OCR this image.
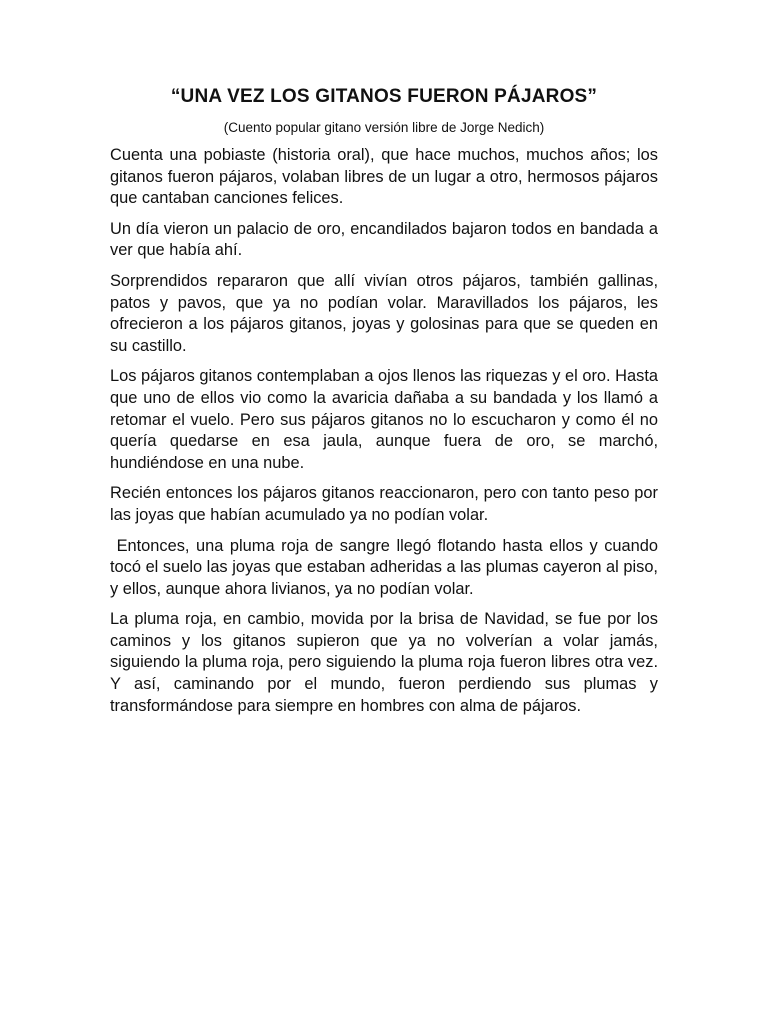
“UNA VEZ LOS GITANOS FUERON PÁJAROS”
(Cuento popular gitano versión libre de Jorge Nedich)

Cuenta una pobiaste (historia oral), que hace muchos, muchos años; los gitanos fueron pájaros, volaban libres de un lugar a otro, hermosos pájaros que cantaban canciones felices.

Un día vieron un palacio de oro, encandilados bajaron todos en bandada a ver que había ahí.

Sorprendidos repararon que allí vivían otros pájaros, también gallinas, patos y pavos, que ya no podían volar. Maravillados los pájaros, les ofrecieron a los pájaros gitanos, joyas y golosinas para que se queden en su castillo.

Los pájaros gitanos contemplaban a ojos llenos las riquezas y el oro. Hasta que uno de ellos vio como la avaricia dañaba a su bandada y los llamó a retomar el vuelo. Pero sus pájaros gitanos no lo escucharon y como él no quería quedarse en esa jaula, aunque fuera de oro, se marchó, hundiéndose en una nube.

Recién entonces los pájaros gitanos reaccionaron, pero con tanto peso por las joyas que habían acumulado ya no podían volar.

Entonces, una pluma roja de sangre llegó flotando hasta ellos y cuando tocó el suelo las joyas que estaban adheridas a las plumas cayeron al piso, y ellos, aunque ahora livianos, ya no podían volar.

La pluma roja, en cambio, movida por la brisa de Navidad, se fue por los caminos y los gitanos supieron que ya no volverían a volar jamás, siguiendo la pluma roja, pero siguiendo la pluma roja fueron libres otra vez. Y así, caminando por el mundo, fueron perdiendo sus plumas y transformándose para siempre en hombres con alma de pájaros.
